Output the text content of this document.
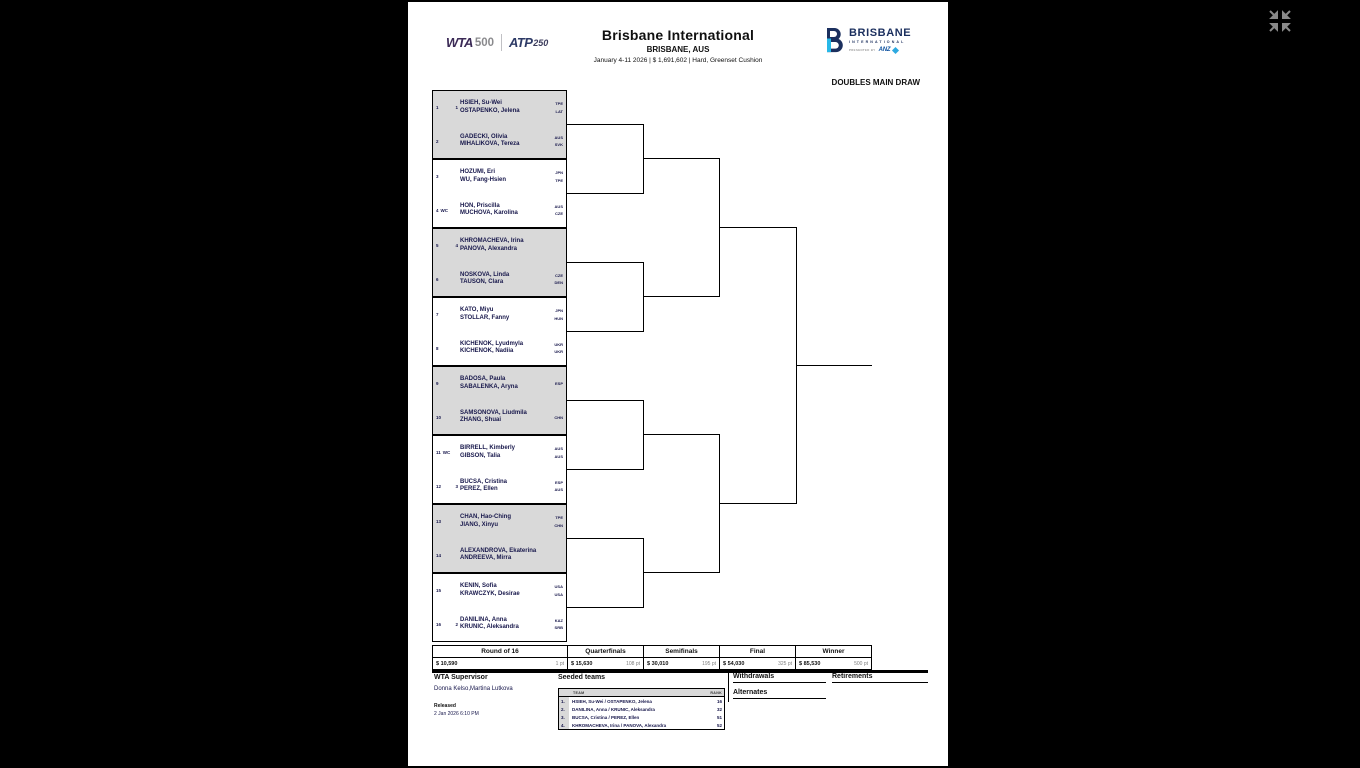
WTA 500 ATP 250	Brisbane International
BRISBANE, AUS
January 4-11 2026 | $ 1,691,602 | Hard, Greenset Cushion
BRISBANE
INTERNATIONAL
PRESENTED BY ANZ
DOUBLES MAIN DRAW
1	1
HSIEH, Su-Wei
OSTAPENKO, Jelena
TPE
LAT
2
GADECKI, Olivia
MIHALIKOVA, Tereza
AUS
SVK
3
HOZUMI, Eri
WU, Fang-Hsien
JPN
TPE
4 WC
HON, Priscilla
MUCHOVA, Karolina
AUS
CZE
5	4
KHROMACHEVA, Irina
PANOVA, Alexandra
6
NOSKOVA, Linda
TAUSON, Clara
CZE
DEN
7
KATO, Miyu
STOLLAR, Fanny
JPN
HUN
8
KICHENOK, Lyudmyla
KICHENOK, Nadiia
UKR
UKR
9
BADOSA, Paula
SABALENKA, Aryna
ESP
10
SAMSONOVA, Liudmila
ZHANG, Shuai
CHN
11 WC
BIRRELL, Kimberly
GIBSON, Talia
AUS
AUS
12	3
BUCSA, Cristina
PEREZ, Ellen
ESP
AUS
13
CHAN, Hao-Ching
JIANG, Xinyu
TPE
CHN
14
ALEXANDROVA, Ekaterina
ANDREEVA, Mirra
15
KENIN, Sofia
KRAWCZYK, Desirae
USA
USA
16	2
DANILINA, Anna
KRUNIC, Aleksandra
KAZ
SRB
Round of 16	Quarterfinals	Semifinals	Final	Winner
$ 10,590	1 pt $ 15,630	108 pt $ 30,010	195 pt $ 54,030	325 pt $ 85,530	500 pt
WTA Supervisor
Donna Kelso,Martina Lutkova
Released
2 Jan 2026 6:10 PM
Seeded teams
TEAM	RANK
1.	HSIEH, Su-Wei / OSTAPENKO, Jelena	16
2.	DANILINA, Anna / KRUNIC, Aleksandra	32
3.	BUCSA, Cristina / PEREZ, Ellen	51
4.	KHROMACHEVA, Irina / PANOVA, Alexandra	52
Withdrawals	Retirements
Alternates
